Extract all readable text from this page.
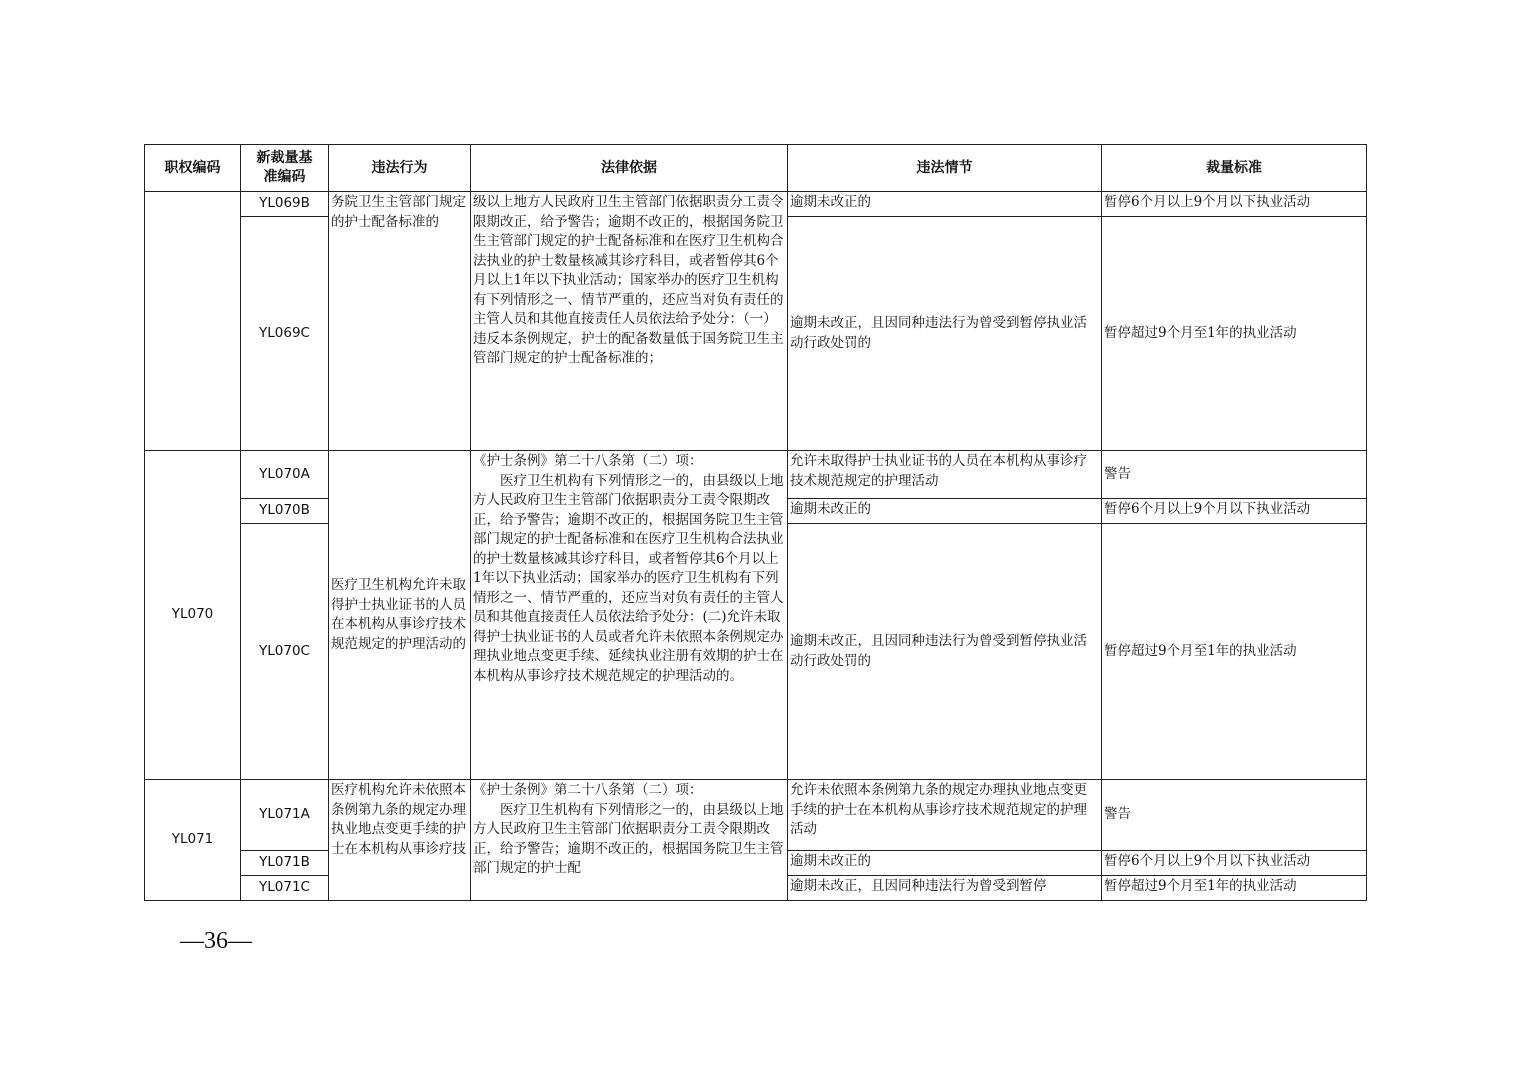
职权编码	新裁量基准编码	违法行为	法律依据	违法情节	裁量标准
	YL069B	务院卫生主管部门规定的护士配备标准的	级以上地方人民政府卫生主管部门依据职责分工责令限期改正，给予警告；逾期不改正的，根据国务院卫生主管部门规定的护士配备标准和在医疗卫生机构合法执业的护士数量核减其诊疗科目，或者暂停其6个月以上1年以下执业活动；国家举办的医疗卫生机构有下列情形之一、情节严重的，还应当对负有责任的主管人员和其他直接责任人员依法给予处分：（一）违反本条例规定，护士的配备数量低于国务院卫生主管部门规定的护士配备标准的；	逾期未改正的	暂停6个月以上9个月以下执业活动
	YL069C			逾期未改正，且因同种违法行为曾受到暂停执业活动行政处罚的	暂停超过9个月至1年的执业活动
YL070	YL070A	医疗卫生机构允许未取得护士执业证书的人员在本机构从事诊疗技术规范规定的护理活动的	《护士条例》第二十八条第（二）项：

医疗卫生机构有下列情形之一的，由县级以上地方人民政府卫生主管部门依据职责分工责令限期改正，给予警告；逾期不改正的，根据国务院卫生主管部门规定的护士配备标准和在医疗卫生机构合法执业的护士数量核减其诊疗科目，或者暂停其6个月以上1年以下执业活动；国家举办的医疗卫生机构有下列情形之一、情节严重的，还应当对负有责任的主管人员和其他直接责任人员依法给予处分：(二)允许未取得护士执业证书的人员或者允许未依照本条例规定办理执业地点变更手续、延续执业注册有效期的护士在本机构从事诊疗技术规范规定的护理活动的。	允许未取得护士执业证书的人员在本机构从事诊疗技术规范规定的护理活动	警告
	YL070B			逾期未改正的	暂停6个月以上9个月以下执业活动
	YL070C			逾期未改正，且因同种违法行为曾受到暂停执业活动行政处罚的	暂停超过9个月至1年的执业活动
YL071	YL071A	医疗机构允许未依照本条例第九条的规定办理执业地点变更手续的护士在本机构从事诊疗技	《护士条例》第二十八条第（二）项：

医疗卫生机构有下列情形之一的，由县级以上地方人民政府卫生主管部门依据职责分工责令限期改正，给予警告；逾期不改正的，根据国务院卫生主管部门规定的护士配	允许未依照本条例第九条的规定办理执业地点变更手续的护士在本机构从事诊疗技术规范规定的护理活动	警告
	YL071B			逾期未改正的	暂停6个月以上9个月以下执业活动
	YL071C			逾期未改正，且因同种违法行为曾受到暂停	暂停超过9个月至1年的执业活动
—36—
